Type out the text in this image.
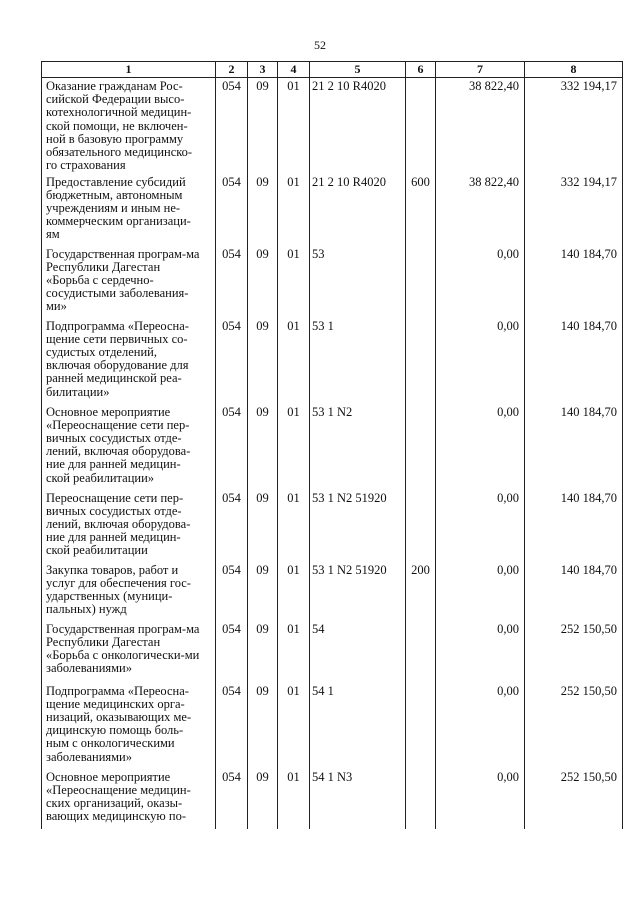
52
1	2	3	4	5	6	7	8

Оказание гражданам Рос-сийской Федерации высо-котехнологичной медицин-ской помощи, не включен-ной в базовую программу обязательного медицинско-го страхования	054	09	01	21 2 10 R4020		38 822,40	332 194,17

Предоставление субсидий бюджетным, автономным учреждениям и иным не-коммерческим организаци-ям	054	09	01	21 2 10 R4020	600	38 822,40	332 194,17

Государственная програм-ма Республики Дагестан «Борьба с сердечно-сосудистыми заболевания-ми»	054	09	01	53		0,00	140 184,70

Подпрограмма «Переосна-щение сети первичных со-судистых отделений, включая оборудование для ранней медицинской реа-билитации»	054	09	01	53 1		0,00	140 184,70

Основное мероприятие «Переоснащение сети пер-вичных сосудистых отде-лений, включая оборудова-ние для ранней медицин-ской реабилитации»	054	09	01	53 1 N2		0,00	140 184,70

Переоснащение сети пер-вичных сосудистых отде-лений, включая оборудова-ние для ранней медицин-ской реабилитации	054	09	01	53 1 N2 51920		0,00	140 184,70

Закупка товаров, работ и услуг для обеспечения гос-ударственных (муници-пальных) нужд	054	09	01	53 1 N2 51920	200	0,00	140 184,70

Государственная програм-ма Республики Дагестан «Борьба с онкологически-ми заболеваниями»	054	09	01	54		0,00	252 150,50

Подпрограмма «Переосна-щение медицинских орга-низаций, оказывающих ме-дицинскую помощь боль-ным с онкологическими заболеваниями»	054	09	01	54 1		0,00	252 150,50

Основное мероприятие «Переоснащение медицин-ских организаций, оказы-вающих медицинскую по-	054	09	01	54 1 N3		0,00	252 150,50
